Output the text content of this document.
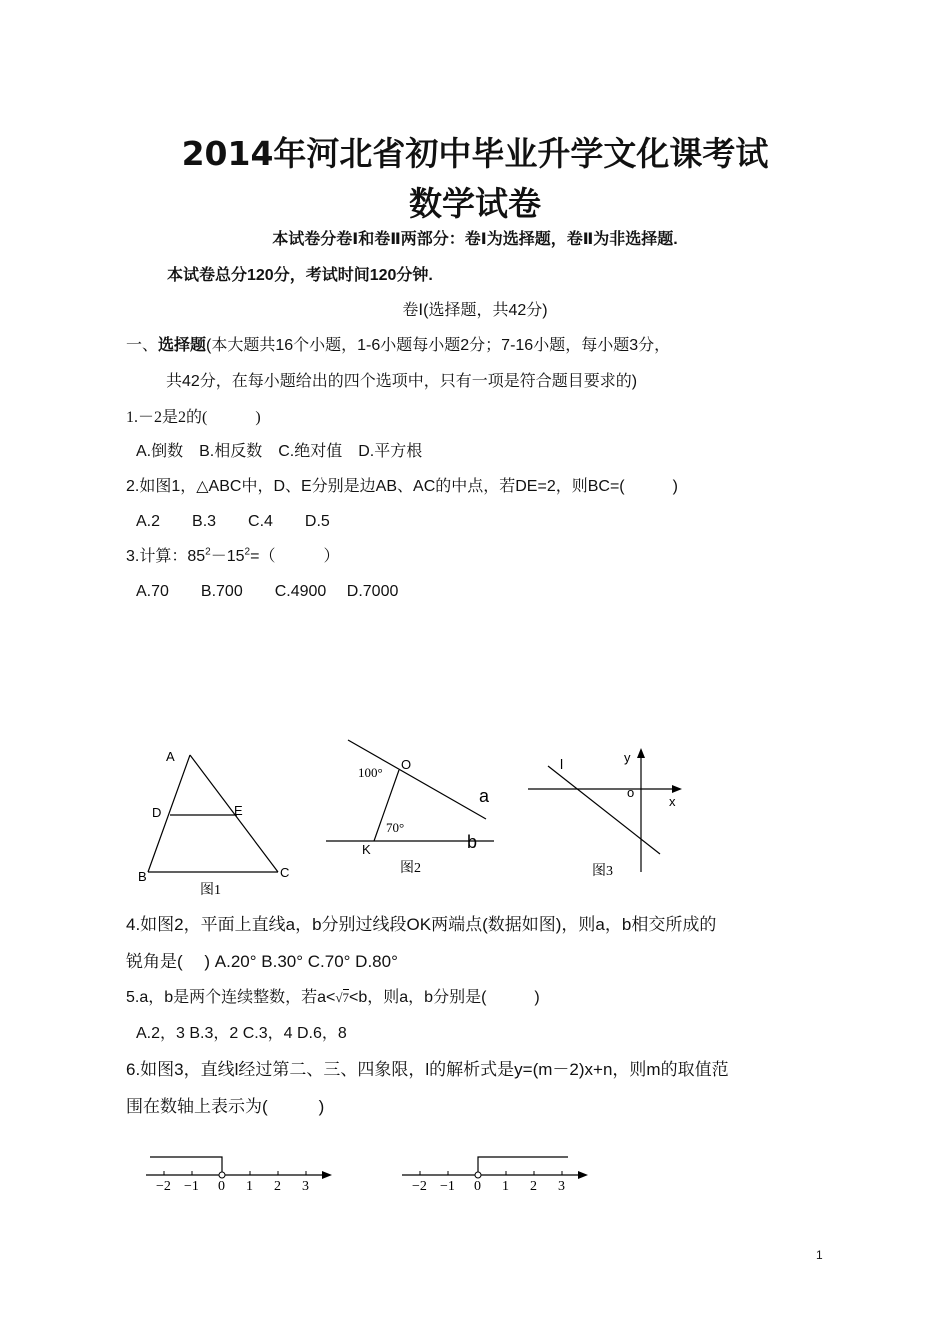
2014年河北省初中毕业升学文化课考试
数学试卷
本试卷分卷Ⅰ和卷Ⅱ两部分：卷Ⅰ为选择题，卷Ⅱ为非选择题.
本试卷总分120分，考试时间120分钟.
卷Ⅰ(选择题，共42分)
一、选择题(本大题共16个小题，1-6小题每小题2分；7-16小题，每小题3分，
共42分，在每小题给出的四个选项中，只有一项是符合题目要求的)
1.－2是2的(　　　)
A.倒数　B.相反数　C.绝对值　D.平方根
2.如图1，△ABC中，D、E分别是边AB、AC的中点，若DE=2，则BC=(　　　)
A.2　　B.3　　C.4　　D.5
3.计算：$85^2-15^2=$（　　　）
A.70　　B.700　　C.4900　 D.7000
A
D	E
B	C
图1
O
100°
70°
K
a
b
图2
l	y
x
o
图3
4.如图2，平面上直线a，b分别过线段OK两端点(数据如图)，则a，b相交所成的
锐角是(　 ) A.20° B.30° C.70° D.80°
5.a，b是两个连续整数，若a<√7<b，则a，b分别是(　　　)
A.2，3 B.3，2 C.3，4 D.6，8
6.如图3，直线l经过第二、三、四象限，l的解析式是y=(m－2)x+n，则m的取值范
围在数轴上表示为(　　　)
−2 −1 0 1 2 3	−2 −1 0 1 2 3
1
